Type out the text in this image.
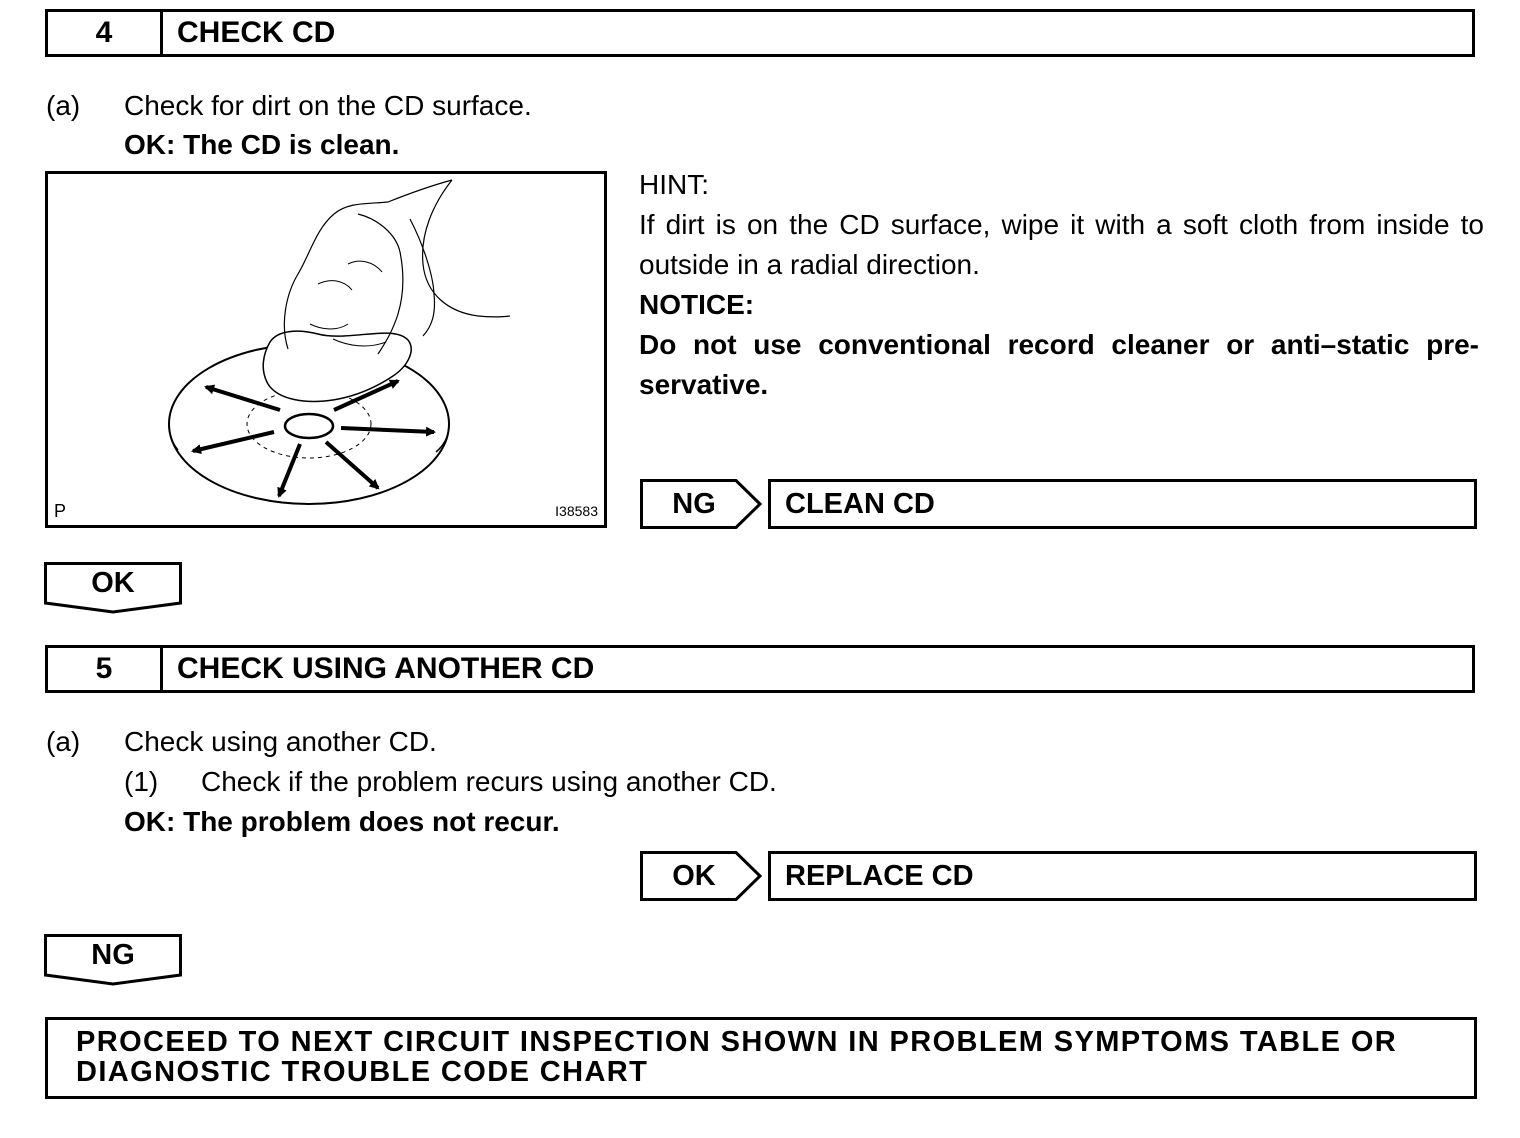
4	CHECK CD
(a) Check for dirt on the CD surface.
OK: The CD is clean.
P	I38583
HINT:
If dirt is on the CD surface, wipe it with a soft cloth from inside to outside in a radial direction.
NOTICE:
Do not use conventional record cleaner or anti–static pre-servative.
NG	CLEAN CD
OK
5	CHECK USING ANOTHER CD
(a) Check using another CD.
(1) Check if the problem recurs using another CD.
OK: The problem does not recur.
OK	REPLACE CD
NG
PROCEED TO NEXT CIRCUIT INSPECTION SHOWN IN PROBLEM SYMPTOMS TABLE OR DIAGNOSTIC TROUBLE CODE CHART
